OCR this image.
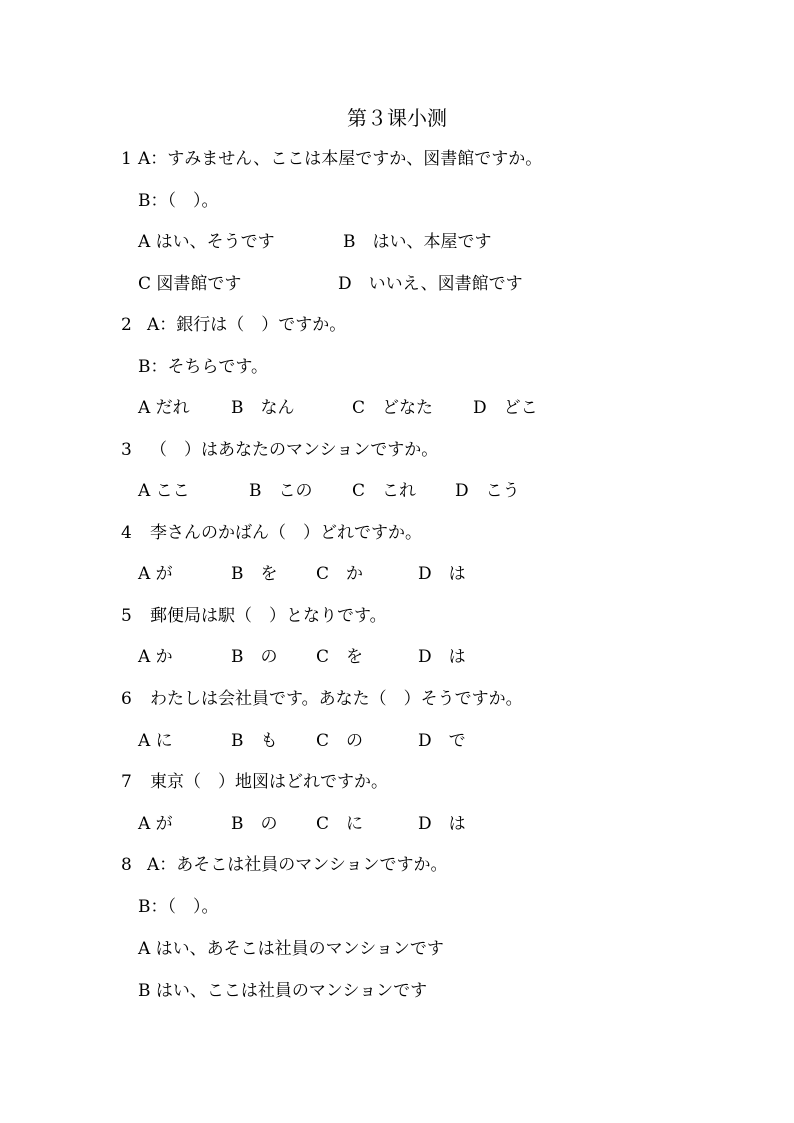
第３课小测

1

A：すみません、ここは本屋ですか、図書館ですか。

B：（　）。

A はい、そうです

	B　はい、本屋です

C 図書館です

	D　いいえ、図書館です

2

A：銀行は（　）ですか。

B：そちらです。

A だれ

B　なん

	C　どなた

D　どこ

3

（　）はあなたのマンションですか。

A ここ

	B　この

C　これ

D　こう

4

李さんのかばん（　）どれですか。

A が

	B　を

C　か

	D　は

5

郵便局は駅（　）となりです。

A か

	B　の

C　を

	D　は

6

わたしは会社員です。あなた（　）そうですか。

A に

	B　も

C　の

	D　で

7

東京（　）地図はどれですか。

A が

	B　の

C　に

	D　は

8

A：あそこは社員のマンションですか。

B：（　）。

A はい、あそこは社員のマンションです

B はい、ここは社員のマンションです
